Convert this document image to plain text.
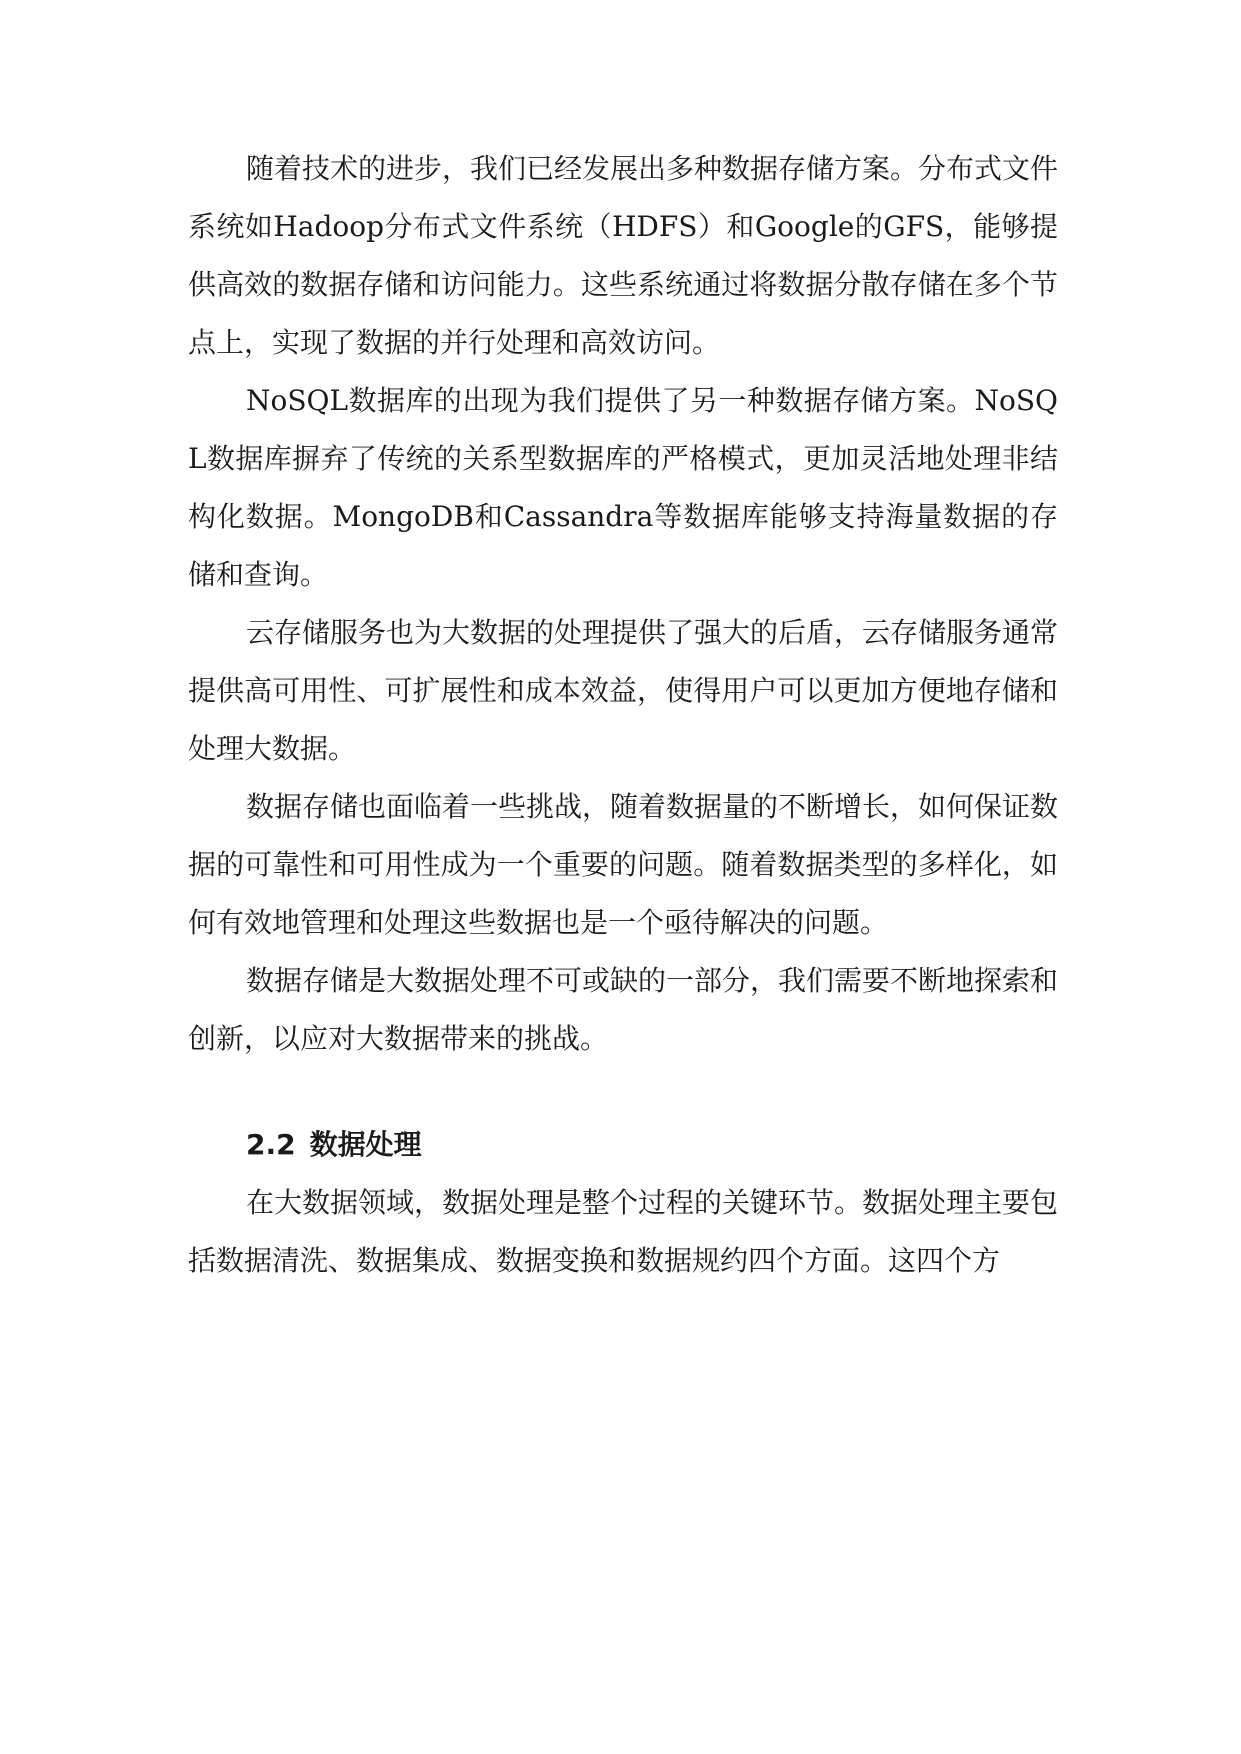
随着技术的进步，我们已经发展出多种数据存储方案。分布式文件系统如Hadoop分布式文件系统（HDFS）和Google的GFS，能够提供高效的数据存储和访问能力。这些系统通过将数据分散存储在多个节点上，实现了数据的并行处理和高效访问。

NoSQL数据库的出现为我们提供了另一种数据存储方案。NoSQL数据库摒弃了传统的关系型数据库的严格模式，更加灵活地处理非结构化数据。MongoDB和Cassandra等数据库能够支持海量数据的存储和查询。

云存储服务也为大数据的处理提供了强大的后盾，云存储服务通常提供高可用性、可扩展性和成本效益，使得用户可以更加方便地存储和处理大数据。

数据存储也面临着一些挑战，随着数据量的不断增长，如何保证数据的可靠性和可用性成为一个重要的问题。随着数据类型的多样化，如何有效地管理和处理这些数据也是一个亟待解决的问题。

数据存储是大数据处理不可或缺的一部分，我们需要不断地探索和创新，以应对大数据带来的挑战。

2.2 数据处理

在大数据领域，数据处理是整个过程的关键环节。数据处理主要包括数据清洗、数据集成、数据变换和数据规约四个方面。这四个方
